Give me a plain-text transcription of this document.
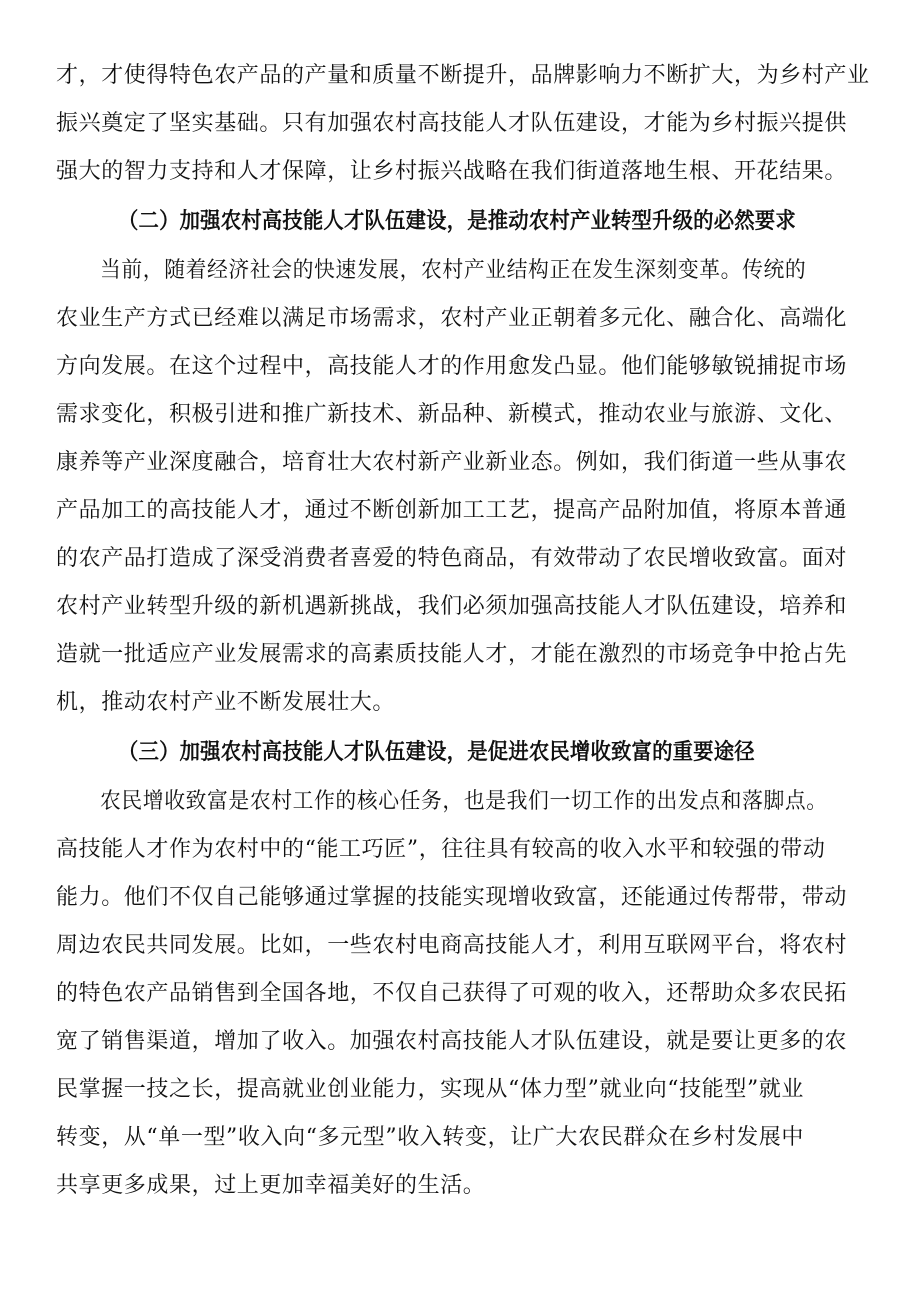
才，才使得特色农产品的产量和质量不断提升，品牌影响力不断扩大，为乡村产业
振兴奠定了坚实基础。只有加强农村高技能人才队伍建设，才能为乡村振兴提供
强大的智力支持和人才保障，让乡村振兴战略在我们街道落地生根、开花结果。
（二）加强农村高技能人才队伍建设，是推动农村产业转型升级的必然要求
当前，随着经济社会的快速发展，农村产业结构正在发生深刻变革。传统的
农业生产方式已经难以满足市场需求，农村产业正朝着多元化、融合化、高端化
方向发展。在这个过程中，高技能人才的作用愈发凸显。他们能够敏锐捕捉市场
需求变化，积极引进和推广新技术、新品种、新模式，推动农业与旅游、文化、
康养等产业深度融合，培育壮大农村新产业新业态。例如，我们街道一些从事农
产品加工的高技能人才，通过不断创新加工工艺，提高产品附加值，将原本普通
的农产品打造成了深受消费者喜爱的特色商品，有效带动了农民增收致富。面对
农村产业转型升级的新机遇新挑战，我们必须加强高技能人才队伍建设，培养和
造就一批适应产业发展需求的高素质技能人才，才能在激烈的市场竞争中抢占先
机，推动农村产业不断发展壮大。
（三）加强农村高技能人才队伍建设，是促进农民增收致富的重要途径
农民增收致富是农村工作的核心任务，也是我们一切工作的出发点和落脚点。
高技能人才作为农村中的“能工巧匠”，往往具有较高的收入水平和较强的带动
能力。他们不仅自己能够通过掌握的技能实现增收致富，还能通过传帮带，带动
周边农民共同发展。比如，一些农村电商高技能人才，利用互联网平台，将农村
的特色农产品销售到全国各地，不仅自己获得了可观的收入，还帮助众多农民拓
宽了销售渠道，增加了收入。加强农村高技能人才队伍建设，就是要让更多的农
民掌握一技之长，提高就业创业能力，实现从“体力型”就业向“技能型”就业
转变，从“单一型”收入向“多元型”收入转变，让广大农民群众在乡村发展中
共享更多成果，过上更加幸福美好的生活。
